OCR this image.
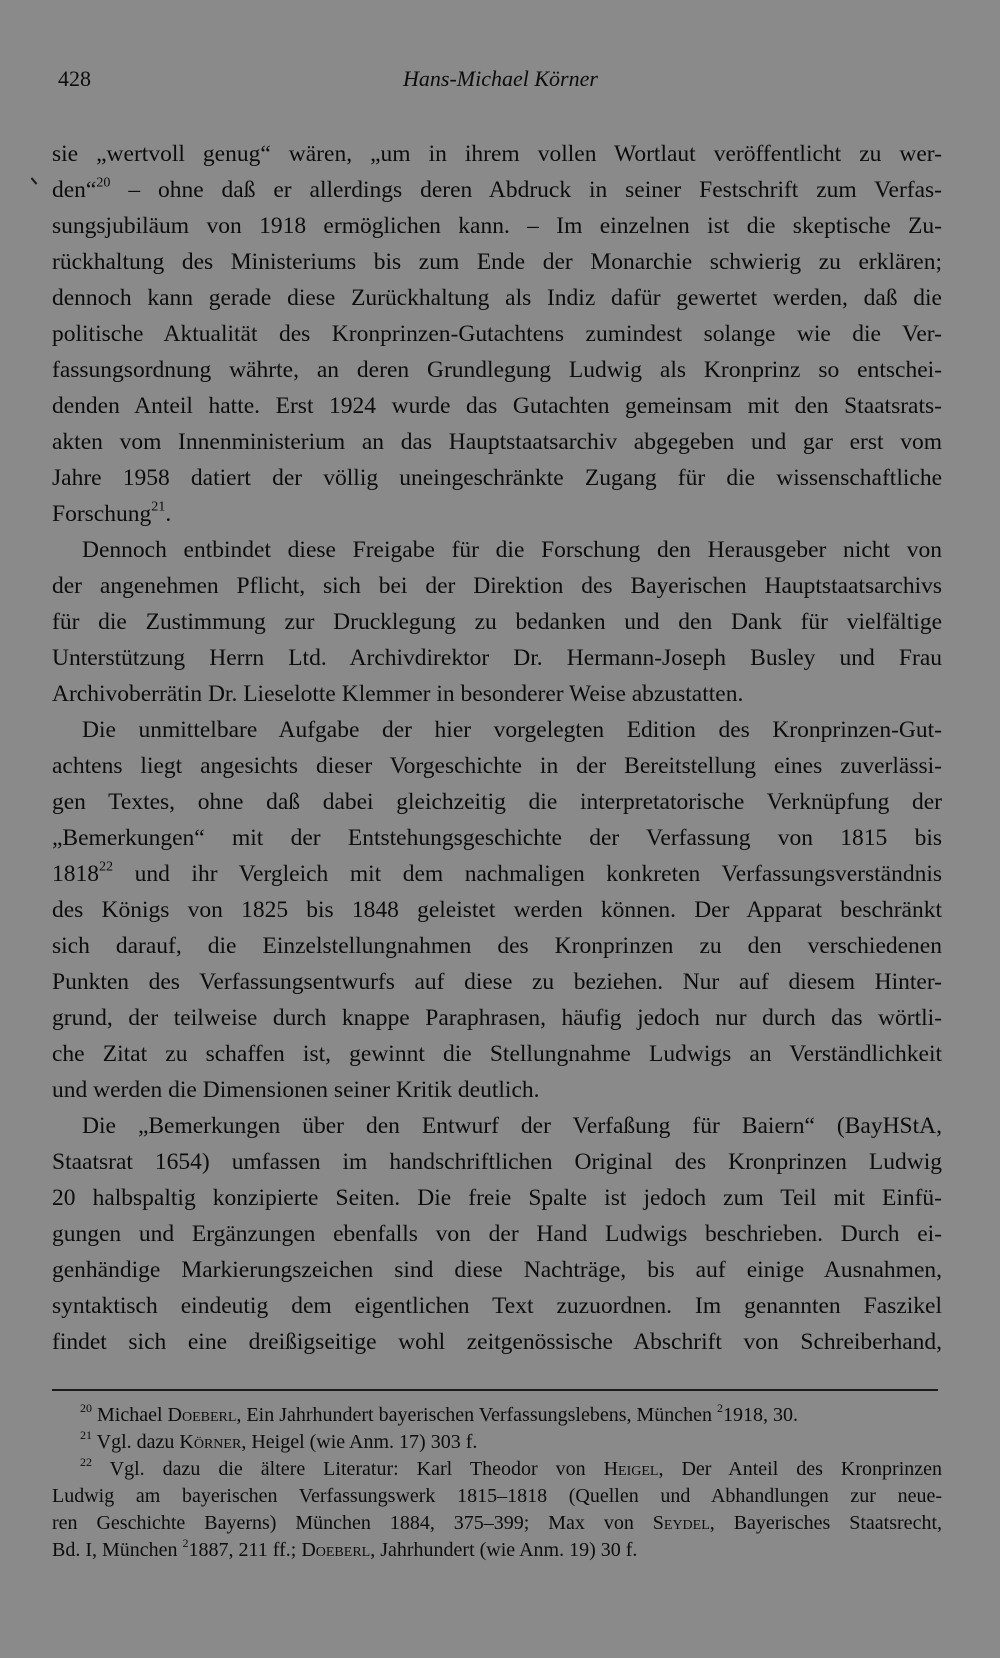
428	Hans-Michael Körner
sie „wertvoll genug“ wären, „um in ihrem vollen Wortlaut veröffentlicht zu wer-
den“$^{20}$ – ohne daß er allerdings deren Abdruck in seiner Festschrift zum Verfas-
sungsjubiläum von 1918 ermöglichen kann. – Im einzelnen ist die skeptische Zu-
rückhaltung des Ministeriums bis zum Ende der Monarchie schwierig zu erklären;
dennoch kann gerade diese Zurückhaltung als Indiz dafür gewertet werden, daß die
politische Aktualität des Kronprinzen-Gutachtens zumindest solange wie die Ver-
fassungsordnung währte, an deren Grundlegung Ludwig als Kronprinz so entschei-
denden Anteil hatte. Erst 1924 wurde das Gutachten gemeinsam mit den Staatsrats-
akten vom Innenministerium an das Hauptstaatsarchiv abgegeben und gar erst vom
Jahre 1958 datiert der völlig uneingeschränkte Zugang für die wissenschaftliche
Forschung$^{21}$.
Dennoch entbindet diese Freigabe für die Forschung den Herausgeber nicht von
der angenehmen Pflicht, sich bei der Direktion des Bayerischen Hauptstaatsarchivs
für die Zustimmung zur Drucklegung zu bedanken und den Dank für vielfältige
Unterstützung Herrn Ltd. Archivdirektor Dr. Hermann-Joseph Busley und Frau
Archivoberrätin Dr. Lieselotte Klemmer in besonderer Weise abzustatten.
Die unmittelbare Aufgabe der hier vorgelegten Edition des Kronprinzen-Gut-
achtens liegt angesichts dieser Vorgeschichte in der Bereitstellung eines zuverlässi-
gen Textes, ohne daß dabei gleichzeitig die interpretatorische Verknüpfung der
„Bemerkungen“ mit der Entstehungsgeschichte der Verfassung von 1815 bis
1818$^{22}$ und ihr Vergleich mit dem nachmaligen konkreten Verfassungsverständnis
des Königs von 1825 bis 1848 geleistet werden können. Der Apparat beschränkt
sich darauf, die Einzelstellungnahmen des Kronprinzen zu den verschiedenen
Punkten des Verfassungsentwurfs auf diese zu beziehen. Nur auf diesem Hinter-
grund, der teilweise durch knappe Paraphrasen, häufig jedoch nur durch das wörtli-
che Zitat zu schaffen ist, gewinnt die Stellungnahme Ludwigs an Verständlichkeit
und werden die Dimensionen seiner Kritik deutlich.
Die „Bemerkungen über den Entwurf der Verfaßung für Baiern“ (BayHStA,
Staatsrat 1654) umfassen im handschriftlichen Original des Kronprinzen Ludwig
20 halbspaltig konzipierte Seiten. Die freie Spalte ist jedoch zum Teil mit Einfü-
gungen und Ergänzungen ebenfalls von der Hand Ludwigs beschrieben. Durch ei-
genhändige Markierungszeichen sind diese Nachträge, bis auf einige Ausnahmen,
syntaktisch eindeutig dem eigentlichen Text zuzuordnen. Im genannten Faszikel
findet sich eine dreißigseitige wohl zeitgenössische Abschrift von Schreiberhand,
$^{20}$ Michael Doeberl, Ein Jahrhundert bayerischen Verfassungslebens, München $^2$1918, 30.
$^{21}$ Vgl. dazu Körner, Heigel (wie Anm. 17) 303 f.
$^{22}$ Vgl. dazu die ältere Literatur: Karl Theodor von Heigel, Der Anteil des Kronprinzen
Ludwig am bayerischen Verfassungswerk 1815–1818 (Quellen und Abhandlungen zur neue-
ren Geschichte Bayerns) München 1884, 375–399; Max von Seydel, Bayerisches Staatsrecht,
Bd. I, München $^2$1887, 211 ff.; Doeberl, Jahrhundert (wie Anm. 19) 30 f.
